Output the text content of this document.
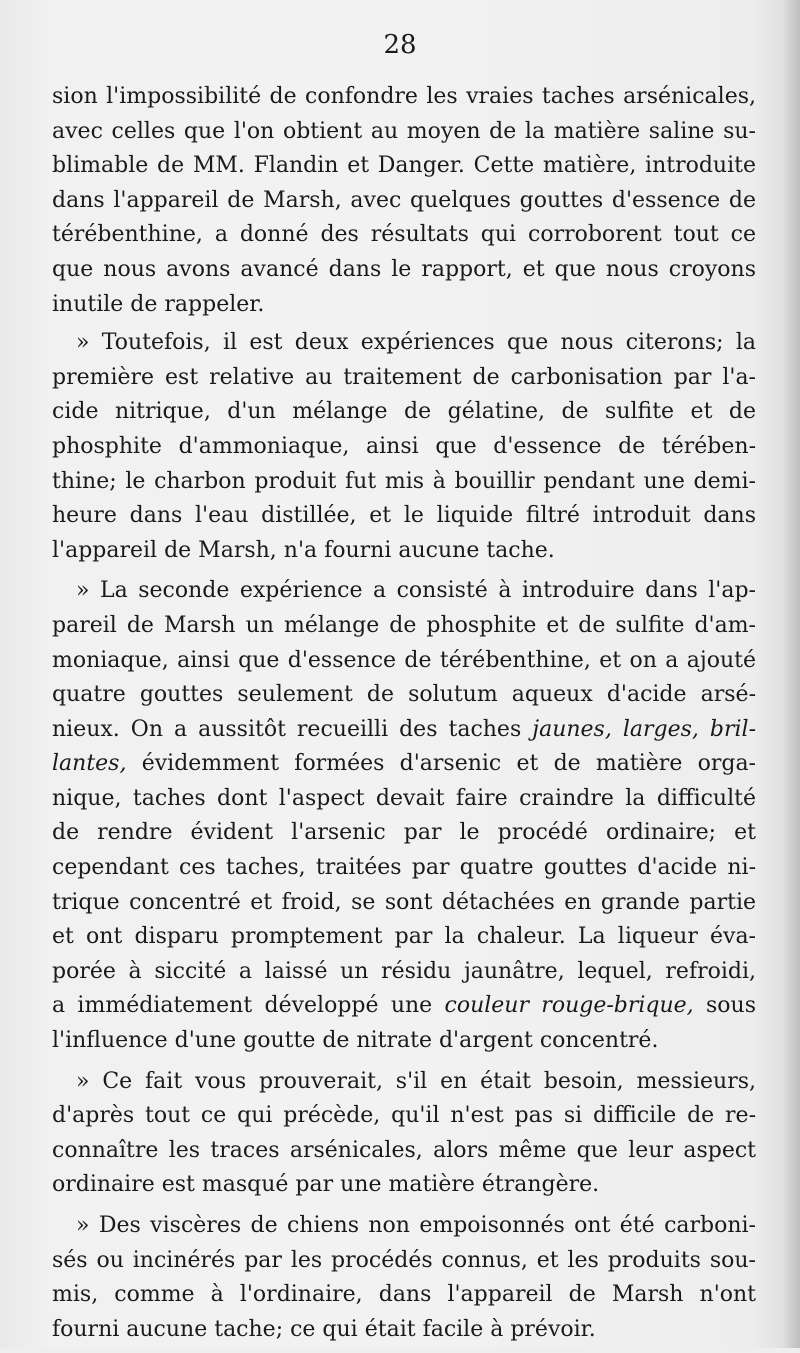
28
sion l'impossibilité de confondre les vraies taches arsénicales,
avec celles que l'on obtient au moyen de la matière saline su-
blimable de MM. Flandin et Danger. Cette matière, introduite
dans l'appareil de Marsh, avec quelques gouttes d'essence de
térébenthine, a donné des résultats qui corroborent tout ce
que nous avons avancé dans le rapport, et que nous croyons
inutile de rappeler.
» Toutefois, il est deux expériences que nous citerons; la
première est relative au traitement de carbonisation par l'a-
cide nitrique, d'un mélange de gélatine, de sulfite et de
phosphite d'ammoniaque, ainsi que d'essence de térében-
thine; le charbon produit fut mis à bouillir pendant une demi-
heure dans l'eau distillée, et le liquide filtré introduit dans
l'appareil de Marsh, n'a fourni aucune tache.
» La seconde expérience a consisté à introduire dans l'ap-
pareil de Marsh un mélange de phosphite et de sulfite d'am-
moniaque, ainsi que d'essence de térébenthine, et on a ajouté
quatre gouttes seulement de solutum aqueux d'acide arsé-
nieux. On a aussitôt recueilli des taches jaunes, larges, bril-
lantes, évidemment formées d'arsenic et de matière orga-
nique, taches dont l'aspect devait faire craindre la difficulté
de rendre évident l'arsenic par le procédé ordinaire; et
cependant ces taches, traitées par quatre gouttes d'acide ni-
trique concentré et froid, se sont détachées en grande partie
et ont disparu promptement par la chaleur. La liqueur éva-
porée à siccité a laissé un résidu jaunâtre, lequel, refroidi,
a immédiatement développé une couleur rouge-brique, sous
l'influence d'une goutte de nitrate d'argent concentré.
» Ce fait vous prouverait, s'il en était besoin, messieurs,
d'après tout ce qui précède, qu'il n'est pas si difficile de re-
connaître les traces arsénicales, alors même que leur aspect
ordinaire est masqué par une matière étrangère.
» Des viscères de chiens non empoisonnés ont été carboni-
sés ou incinérés par les procédés connus, et les produits sou-
mis, comme à l'ordinaire, dans l'appareil de Marsh n'ont
fourni aucune tache; ce qui était facile à prévoir.
